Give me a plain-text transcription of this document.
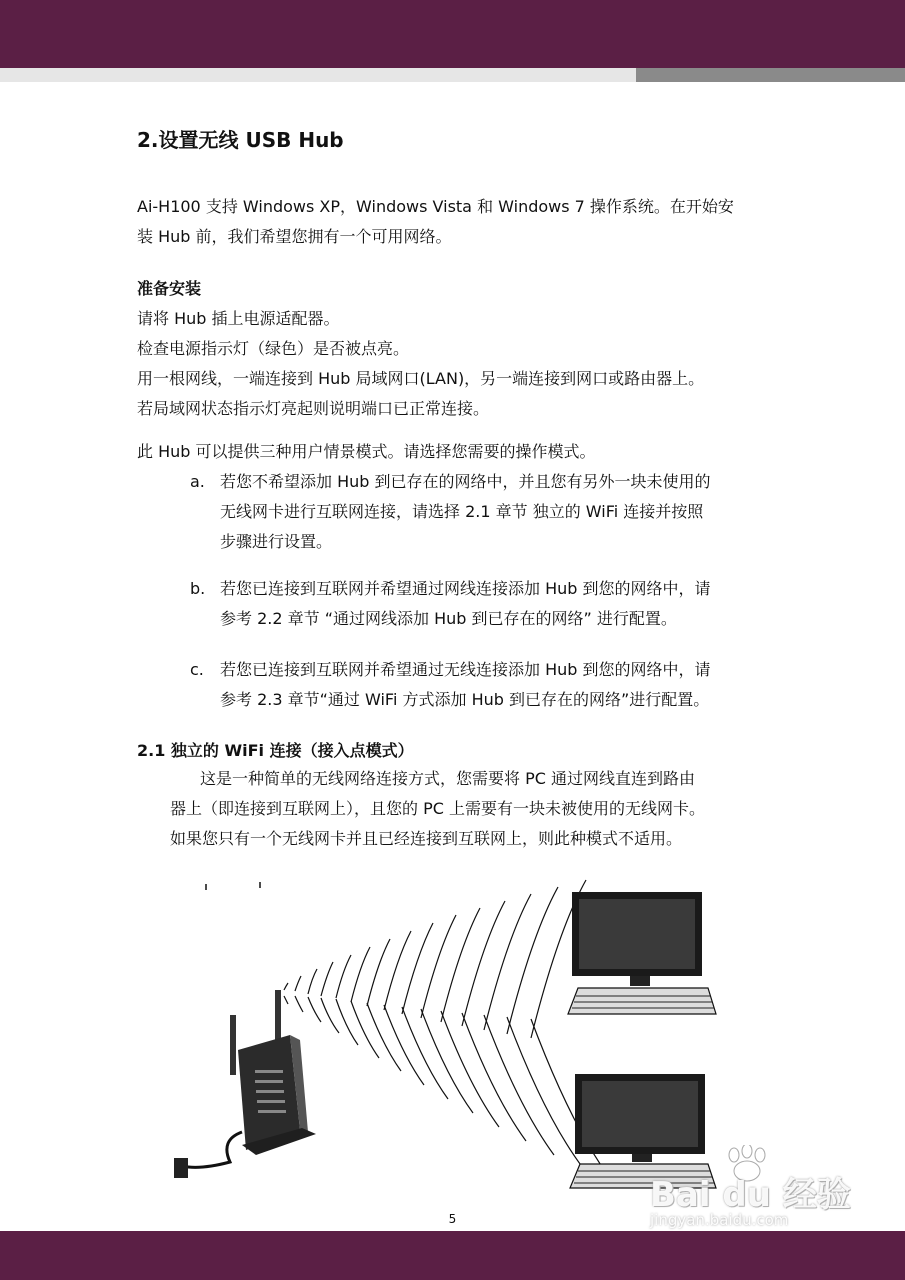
2.设置无线 USB Hub
Ai-H100 支持 Windows XP，Windows Vista 和 Windows 7 操作系统。在开始安
装 Hub 前，我们希望您拥有一个可用网络。
准备安装
请将 Hub 插上电源适配器。
检查电源指示灯（绿色）是否被点亮。
用一根网线，一端连接到 Hub 局域网口(LAN)，另一端连接到网口或路由器上。
若局域网状态指示灯亮起则说明端口已正常连接。
此 Hub 可以提供三种用户情景模式。请选择您需要的操作模式。
a. 若您不希望添加 Hub 到已存在的网络中，并且您有另外一块未使用的
无线网卡进行互联网连接，请选择 2.1 章节 独立的 WiFi 连接并按照
步骤进行设置。
b. 若您已连接到互联网并希望通过网线连接添加 Hub 到您的网络中，请
参考 2.2 章节 “通过网线添加 Hub 到已存在的网络” 进行配置。
c. 若您已连接到互联网并希望通过无线连接添加 Hub 到您的网络中，请
参考 2.3 章节“通过 WiFi 方式添加 Hub 到已存在的网络”进行配置。
2.1 独立的 WiFi 连接（接入点模式）
这是一种简单的无线网络连接方式，您需要将 PC 通过网线直连到路由
器上（即连接到互联网上），且您的 PC 上需要有一块未被使用的无线网卡。
如果您只有一个无线网卡并且已经连接到互联网上，则此种模式不适用。
5
Bai du 经验
jingyan.baidu.com
